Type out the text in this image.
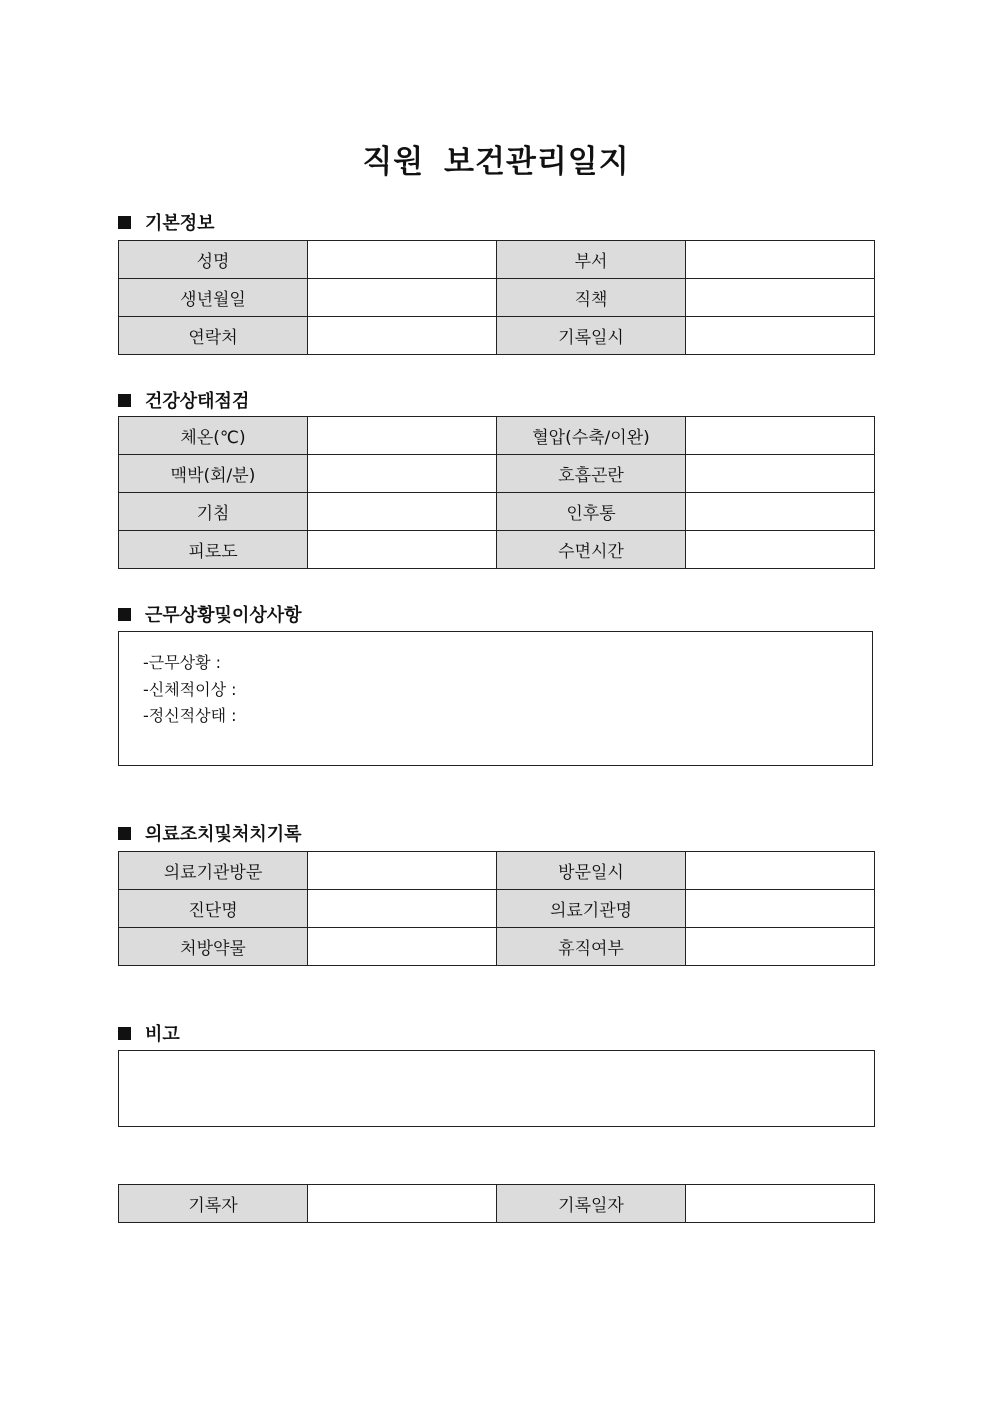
직원 보건관리일지
기본정보
성명		부서	
생년월일		직책	
연락처		기록일시	
건강상태점검
체온(℃)		혈압(수축/이완)	
맥박(회/분)		호흡곤란	
기침		인후통	
피로도		수면시간	
근무상황및이상사항
-근무상황 :
-신체적이상 :
-정신적상태 :
의료조치및처치기록
의료기관방문		방문일시	
진단명		의료기관명	
처방약물		휴직여부	
비고
기록자		기록일자	
